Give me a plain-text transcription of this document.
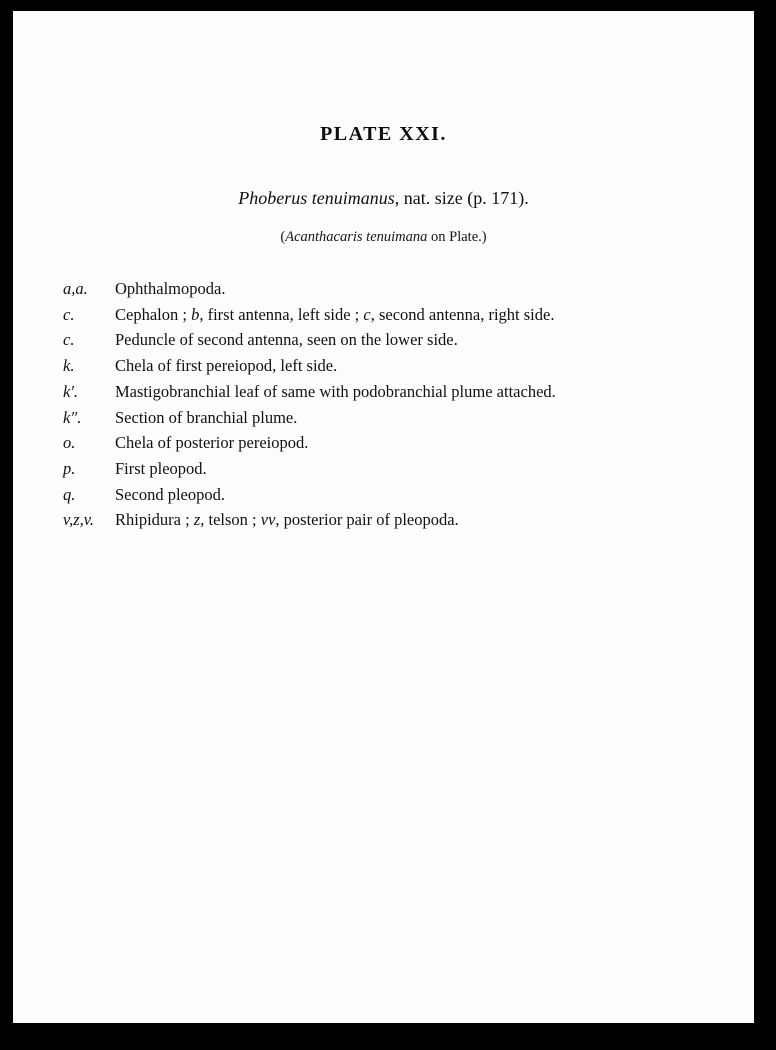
PLATE XXI.
Phoberus tenuimanus, nat. size (p. 171).
(Acanthacaris tenuimana on Plate.)
a,a.	Ophthalmopoda.
c.	Cephalon ; b, first antenna, left side ; c, second antenna, right side.
c.	Peduncle of second antenna, seen on the lower side.
k.	Chela of first pereiopod, left side.
k′.	Mastigobranchial leaf of same with podobranchial plume attached.
k″.	Section of branchial plume.
o.	Chela of posterior pereiopod.
p.	First pleopod.
q.	Second pleopod.
v,z,v.	Rhipidura ; z, telson ; vv, posterior pair of pleopoda.
